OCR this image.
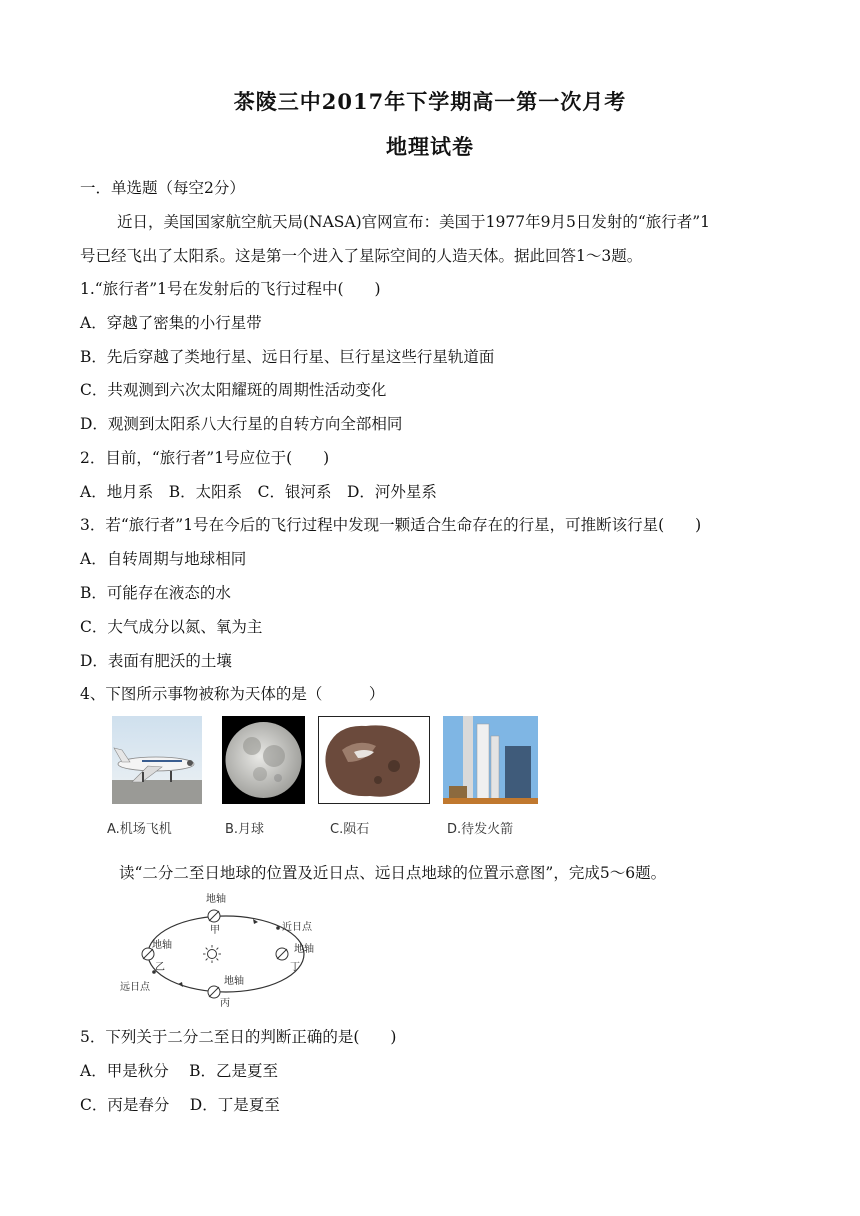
茶陵三中2017年下学期高一第一次月考
地理试卷
一．单选题（每空2分）
近日，美国国家航空航天局(NASA)官网宣布：美国于1977年9月5日发射的“旅行者”1
号已经飞出了太阳系。这是第一个进入了星际空间的人造天体。据此回答1～3题。
1.“旅行者”1号在发射后的飞行过程中(　　)
A．穿越了密集的小行星带
B．先后穿越了类地行星、远日行星、巨行星这些行星轨道面
C．共观测到六次太阳耀斑的周期性活动变化
D．观测到太阳系八大行星的自转方向全部相同
2．目前，“旅行者”1号应位于(　　)
A．地月系　B．太阳系　C．银河系　D．河外星系
3．若“旅行者”1号在今后的飞行过程中发现一颗适合生命存在的行星，可推断该行星(　　)
A．自转周期与地球相同
B．可能存在液态的水
C．大气成分以氮、氧为主
D．表面有肥沃的土壤
4、下图所示事物被称为天体的是（　　　）
A.机场飞机	B.月球	C.陨石	D.待发火箭
读“二分二至日地球的位置及近日点、远日点地球的位置示意图”，完成5～6题。
地轴
甲	近日点
地轴
乙
地轴
丁
远日点
地轴
丙
5．下列关于二分二至日的判断正确的是(　　)
A．甲是秋分　 B．乙是夏至
C．丙是春分　 D．丁是夏至
